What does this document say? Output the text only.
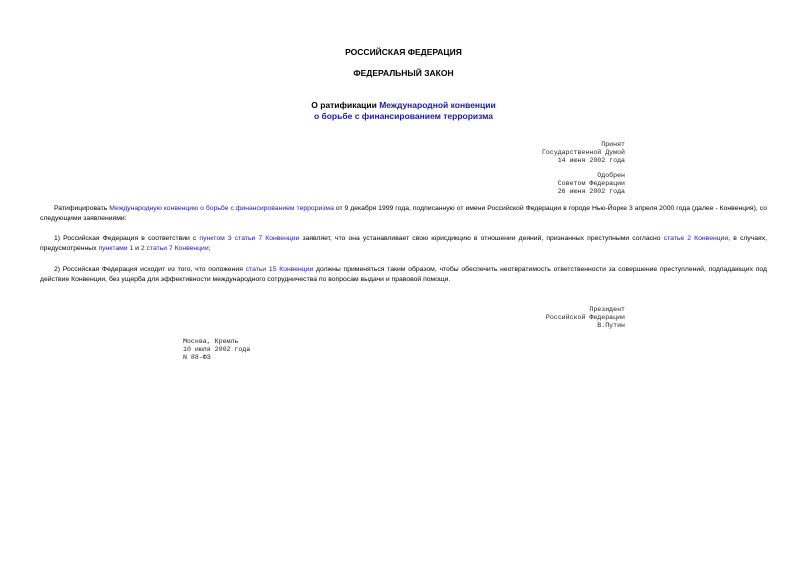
РОССИЙСКАЯ ФЕДЕРАЦИЯ
ФЕДЕРАЛЬНЫЙ ЗАКОН
О ратификации Международной конвенции
о борьбе с финансированием терроризма
Принят
Государственной Думой
14 июня 2002 года
Одобрен
Советом Федерации
26 июня 2002 года
Ратифицировать Международную конвенцию о борьбе с финансированием терроризма от 9 декабря 1999 года, подписанную от имени Российской Федерации в городе Нью-Йорке 3 апреля 2000 года (далее - Конвенция), со следующими заявлениями:
1) Российская Федерация в соответствии с пунктом 3 статьи 7 Конвенции заявляет, что она устанавливает свою юрисдикцию в отношении деяний, признанных преступными согласно статье 2 Конвенции, в случаях, предусмотренных пунктами 1 и 2 статьи 7 Конвенции;
2) Российская Федерация исходит из того, что положения статьи 15 Конвенции должны применяться таким образом, чтобы обеспечить неотвратимость ответственности за совершение преступлений, подпадающих под действие Конвенции, без ущерба для эффективности международного сотрудничества по вопросам выдачи и правовой помощи.
Президент
Российской Федерации
В.Путин
Москва, Кремль
10 июля 2002 года
N 88-ФЗ
